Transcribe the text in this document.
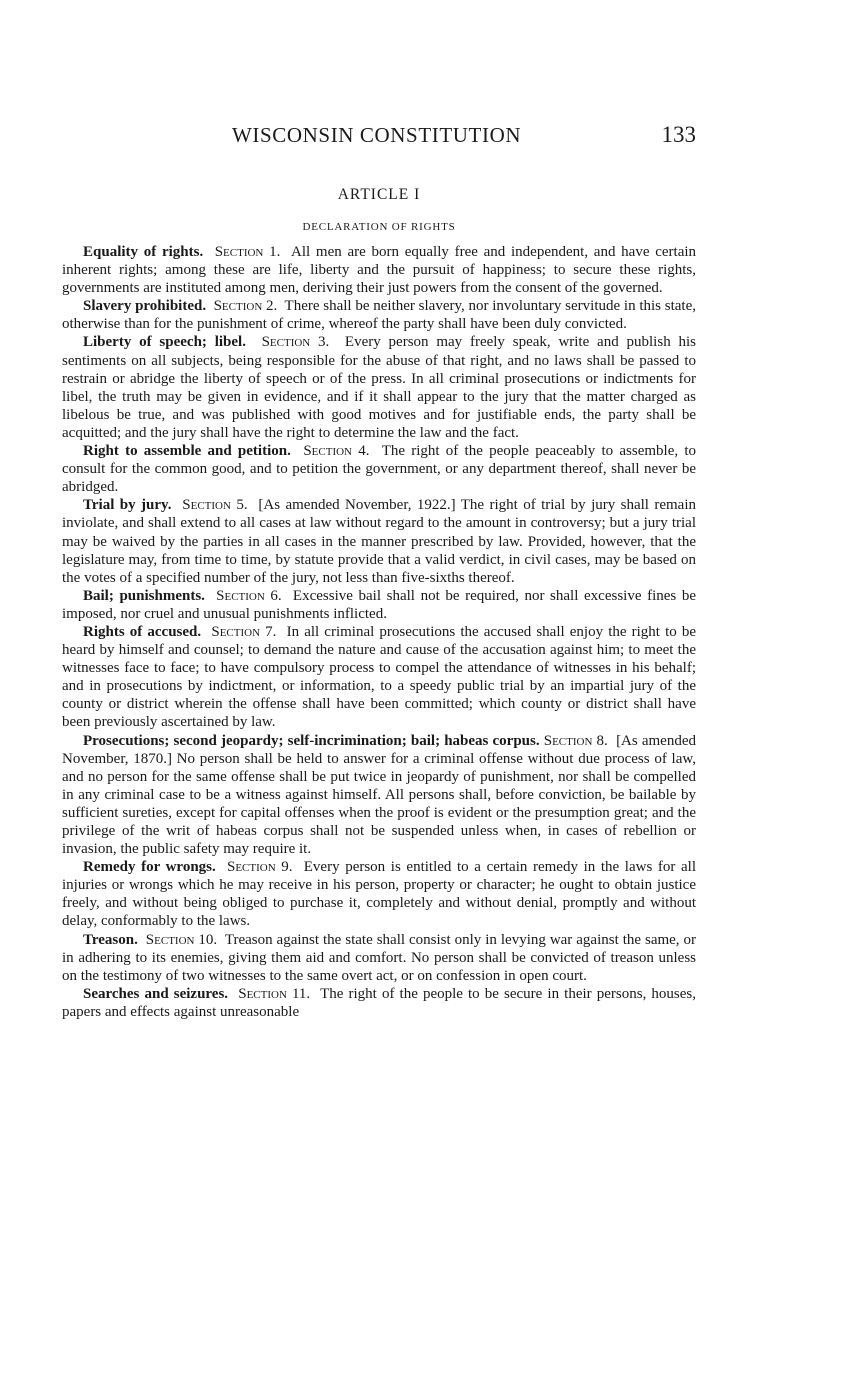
WISCONSIN CONSTITUTION	133
ARTICLE I
DECLARATION OF RIGHTS

Equality of rights. Section 1. All men are born equally free and independent, and have certain inherent rights; among these are life, liberty and the pursuit of happiness; to secure these rights, governments are instituted among men, deriving their just powers from the consent of the governed.

Slavery prohibited. Section 2. There shall be neither slavery, nor involuntary servitude in this state, otherwise than for the punishment of crime, whereof the party shall have been duly convicted.

Liberty of speech; libel. Section 3. Every person may freely speak, write and publish his sentiments on all subjects, being responsible for the abuse of that right, and no laws shall be passed to restrain or abridge the liberty of speech or of the press. In all criminal prosecutions or indictments for libel, the truth may be given in evidence, and if it shall appear to the jury that the matter charged as libelous be true, and was published with good motives and for justifiable ends, the party shall be acquitted; and the jury shall have the right to determine the law and the fact.

Right to assemble and petition. Section 4. The right of the people peaceably to assemble, to consult for the common good, and to petition the government, or any department thereof, shall never be abridged.

Trial by jury. Section 5. [As amended November, 1922.] The right of trial by jury shall remain inviolate, and shall extend to all cases at law without regard to the amount in controversy; but a jury trial may be waived by the parties in all cases in the manner prescribed by law. Provided, however, that the legislature may, from time to time, by statute provide that a valid verdict, in civil cases, may be based on the votes of a specified number of the jury, not less than five-sixths thereof.

Bail; punishments. Section 6. Excessive bail shall not be required, nor shall excessive fines be imposed, nor cruel and unusual punishments inflicted.

Rights of accused. Section 7. In all criminal prosecutions the accused shall enjoy the right to be heard by himself and counsel; to demand the nature and cause of the accusation against him; to meet the witnesses face to face; to have compulsory process to compel the attendance of witnesses in his behalf; and in prosecutions by indictment, or information, to a speedy public trial by an impartial jury of the county or district wherein the offense shall have been committed; which county or district shall have been previously ascertained by law.

Prosecutions; second jeopardy; self-incrimination; bail; habeas corpus. Section 8. [As amended November, 1870.] No person shall be held to answer for a criminal offense without due process of law, and no person for the same offense shall be put twice in jeopardy of punishment, nor shall be compelled in any criminal case to be a witness against himself. All persons shall, before conviction, be bailable by sufficient sureties, except for capital offenses when the proof is evident or the presumption great; and the privilege of the writ of habeas corpus shall not be suspended unless when, in cases of rebellion or invasion, the public safety may require it.

Remedy for wrongs. Section 9. Every person is entitled to a certain remedy in the laws for all injuries or wrongs which he may receive in his person, property or character; he ought to obtain justice freely, and without being obliged to purchase it, completely and without denial, promptly and without delay, conformably to the laws.

Treason. Section 10. Treason against the state shall consist only in levying war against the same, or in adhering to its enemies, giving them aid and comfort. No person shall be convicted of treason unless on the testimony of two witnesses to the same overt act, or on confession in open court.

Searches and seizures. Section 11. The right of the people to be secure in their persons, houses, papers and effects against unreasonable
